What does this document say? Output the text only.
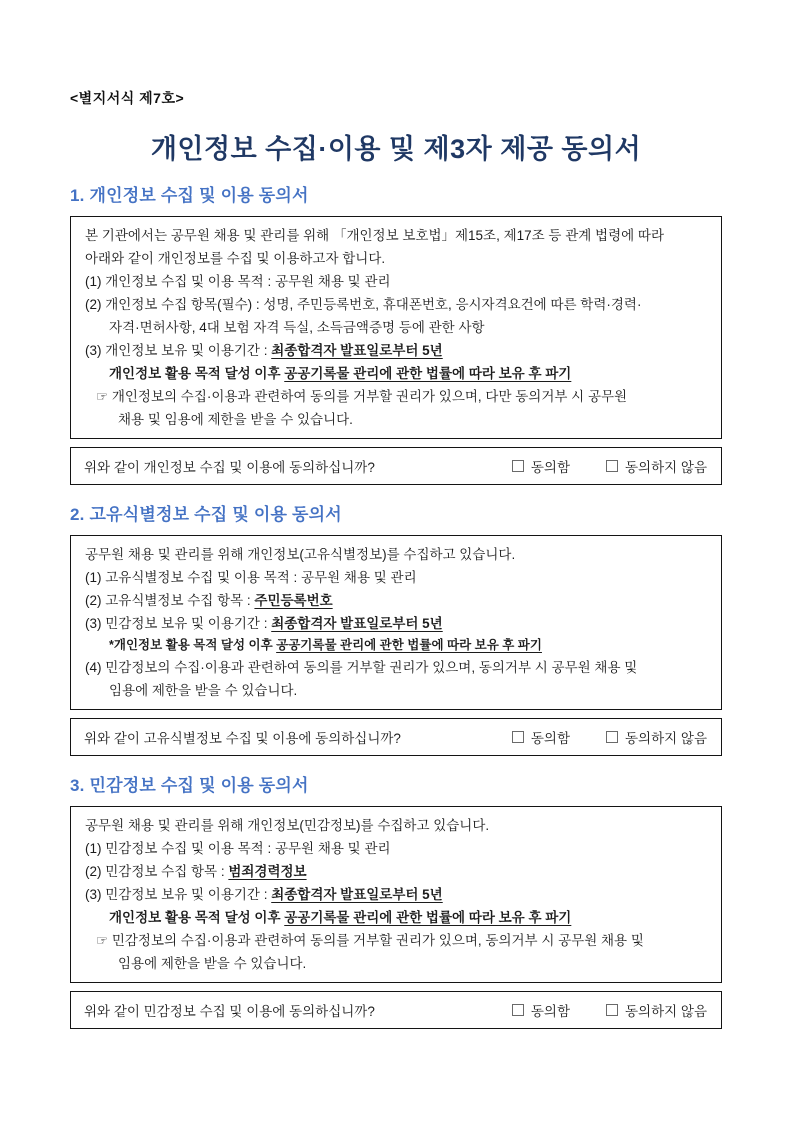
<별지서식 제7호>
개인정보 수집·이용 및 제3자 제공 동의서
1. 개인정보 수집 및 이용 동의서
본 기관에서는 공무원 채용 및 관리를 위해 「개인정보 보호법」제15조, 제17조 등 관계 법령에 따라
아래와 같이 개인정보를 수집 및 이용하고자 합니다.
(1) 개인정보 수집 및 이용 목적 : 공무원 채용 및 관리
(2) 개인정보 수집 항목(필수) : 성명, 주민등록번호, 휴대폰번호, 응시자격요건에 따른 학력·경력·
자격·면허사항, 4대 보험 자격 득실, 소득금액증명 등에 관한 사항
(3) 개인정보 보유 및 이용기간 : 최종합격자 발표일로부터 5년
개인정보 활용 목적 달성 이후 공공기록물 관리에 관한 법률에 따라 보유 후 파기
☞ 개인정보의 수집·이용과 관련하여 동의를 거부할 권리가 있으며, 다만 동의거부 시 공무원
채용 및 임용에 제한을 받을 수 있습니다.
위와 같이 개인정보 수집 및 이용에 동의하십니까?	동의함	동의하지 않음
2. 고유식별정보 수집 및 이용 동의서
공무원 채용 및 관리를 위해 개인정보(고유식별정보)를 수집하고 있습니다.
(1) 고유식별정보 수집 및 이용 목적 : 공무원 채용 및 관리
(2) 고유식별정보 수집 항목 : 주민등록번호
(3) 민감정보 보유 및 이용기간 : 최종합격자 발표일로부터 5년
*개인정보 활용 목적 달성 이후 공공기록물 관리에 관한 법률에 따라 보유 후 파기
(4) 민감정보의 수집·이용과 관련하여 동의를 거부할 권리가 있으며, 동의거부 시 공무원 채용 및
임용에 제한을 받을 수 있습니다.
위와 같이 고유식별정보 수집 및 이용에 동의하십니까?	동의함	동의하지 않음
3. 민감정보 수집 및 이용 동의서
공무원 채용 및 관리를 위해 개인정보(민감정보)를 수집하고 있습니다.
(1) 민감정보 수집 및 이용 목적 : 공무원 채용 및 관리
(2) 민감정보 수집 항목 : 범죄경력정보
(3) 민감정보 보유 및 이용기간 : 최종합격자 발표일로부터 5년
개인정보 활용 목적 달성 이후 공공기록물 관리에 관한 법률에 따라 보유 후 파기
☞ 민감정보의 수집·이용과 관련하여 동의를 거부할 권리가 있으며, 동의거부 시 공무원 채용 및
임용에 제한을 받을 수 있습니다.
위와 같이 민감정보 수집 및 이용에 동의하십니까?	동의함	동의하지 않음
